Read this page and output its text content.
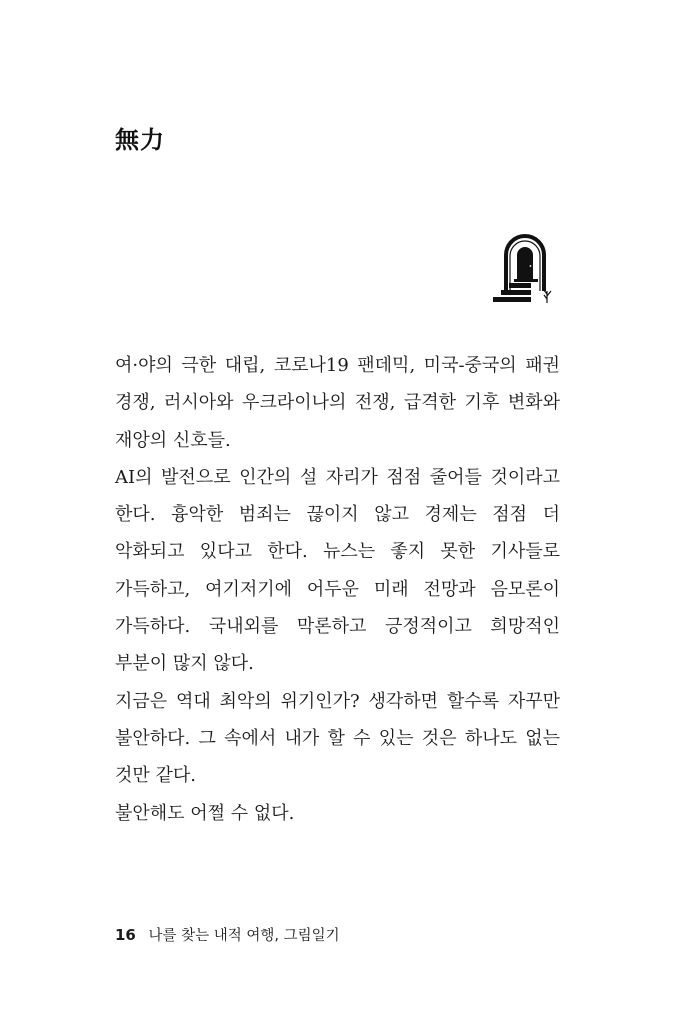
無力

여·야의 극한 대립, 코로나19 팬데믹, 미국-중국의 패권 경쟁, 러시아와 우크라이나의 전쟁, 급격한 기후 변화와 재앙의 신호들.

AI의 발전으로 인간의 설 자리가 점점 줄어들 것이라고 한다. 흉악한 범죄는 끊이지 않고 경제는 점점 더 악화되고 있다고 한다. 뉴스는 좋지 못한 기사들로 가득하고, 여기저기에 어두운 미래 전망과 음모론이 가득하다. 국내외를 막론하고 긍정적이고 희망적인 부분이 많지 않다.

지금은 역대 최악의 위기인가? 생각하면 할수록 자꾸만 불안하다. 그 속에서 내가 할 수 있는 것은 하나도 없는 것만 같다.

불안해도 어쩔 수 없다.

16 나를 찾는 내적 여행, 그림일기
